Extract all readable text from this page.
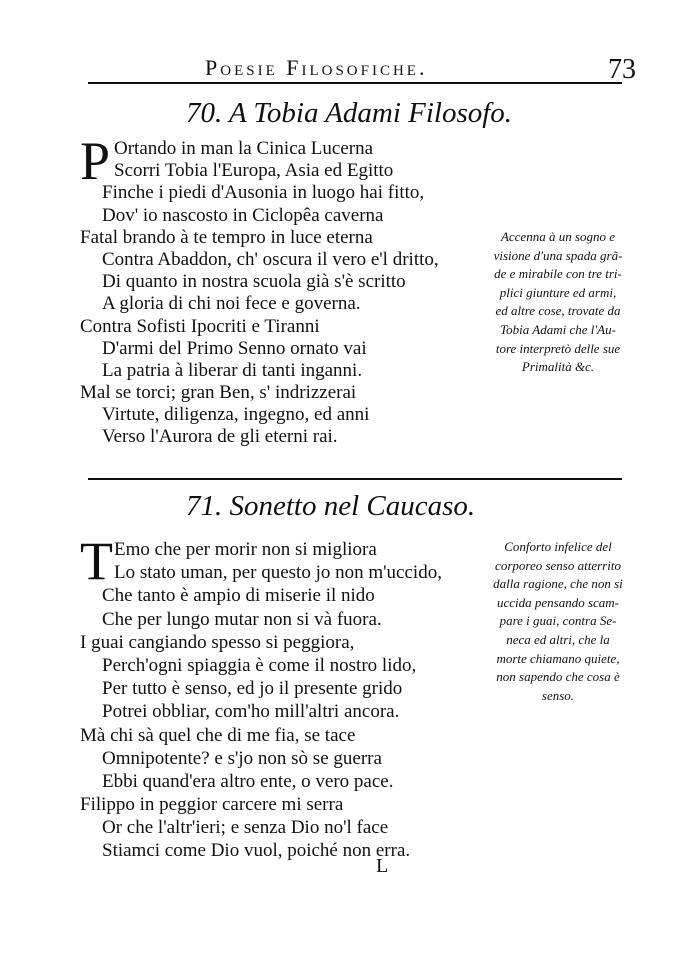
Poesie Filosofiche.	73
70. A Tobia Adami Filosofo.
P Ortando in man la Cinica Lucerna
Scorri Tobia l'Europa, Asia ed Egitto
Finche i piedi d'Ausonia in luogo hai fitto,
Dov' io nascosto in Ciclopêa caverna
Fatal brando à te tempro in luce eterna
Contra Abaddon, ch' oscura il vero e'l dritto,
Di quanto in nostra scuola già s'è scritto
A gloria di chi noi fece e governa.
Contra Sofisti Ipocriti e Tiranni
D'armi del Primo Senno ornato vai
La patria à liberar di tanti inganni.
Mal se torci; gran Ben, s' indrizzerai
Virtute, diligenza, ingegno, ed anni
Verso l'Aurora de gli eterni rai.
Accenna à un sogno e
visione d'una spada grã-
de e mirabile con tre tri-
plici giunture ed armi,
ed altre cose, trovate da
Tobia Adami che l'Au-
tore interpretò delle sue
Primalità &c.
71. Sonetto nel Caucaso.
T Emo che per morir non si migliora
Lo stato uman, per questo jo non m'uccido,
Che tanto è ampio di miserie il nido
Che per lungo mutar non si và fuora.
I guai cangiando spesso si peggiora,
Perch'ogni spiaggia è come il nostro lido,
Per tutto è senso, ed jo il presente grido
Potrei obbliar, com'ho mill'altri ancora.
Mà chi sà quel che di me fia, se tace
Omnipotente? e s'jo non sò se guerra
Ebbi quand'era altro ente, o vero pace.
Filippo in peggior carcere mi serra
Or che l'altr'ieri; e senza Dio no'l face
Stiamci come Dio vuol, poiché non erra.
Conforto infelice del
corporeo senso atterrito
dalla ragione, che non si
uccida pensando scam-
pare i guai, contra Se-
neca ed altri, che la
morte chiamano quiete,
non sapendo che cosa è
senso.
L
